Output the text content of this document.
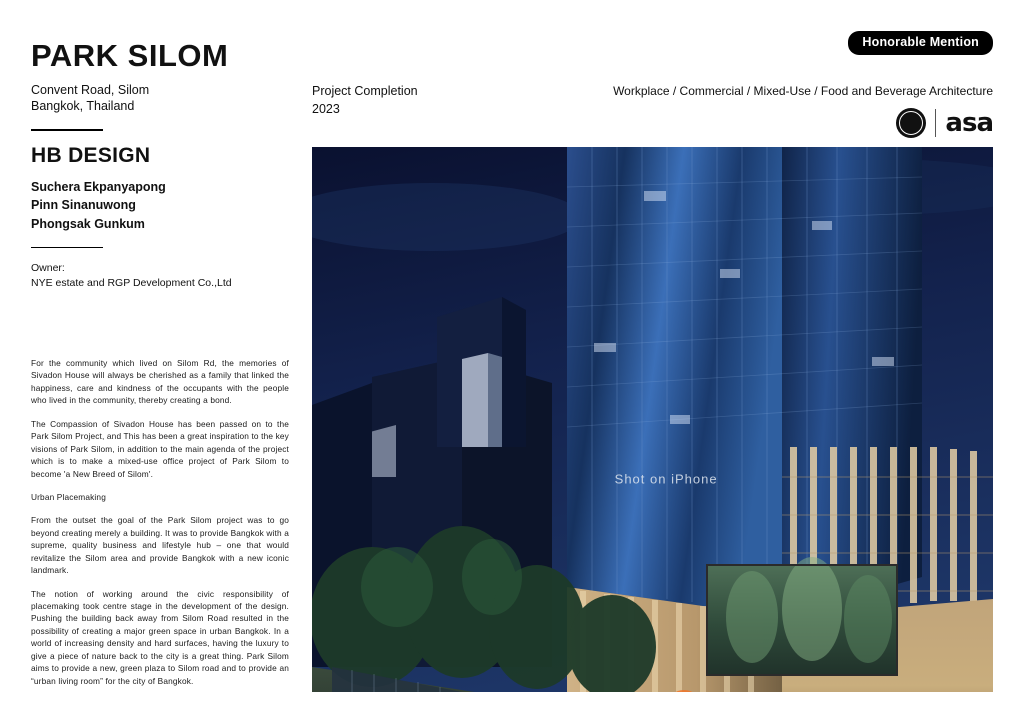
Honorable Mention
PARK SILOM
Convent Road, Silom
Bangkok, Thailand
HB DESIGN
Suchera Ekpanyapong
Pinn Sinanuwong
Phongsak Gunkum
Owner:
NYE estate and RGP Development Co.,Ltd

For the community which lived on Silom Rd, the memories of Sivadon House will always be cherished as a family that linked the happiness, care and kindness of the occupants with the people who lived in the community, thereby creating a bond.

The Compassion of Sivadon House has been passed on to the Park Silom Project, and This has been a great inspiration to the key visions of Park Silom, in addition to the main agenda of the project which is to make a mixed-use office project of Park Silom to become 'a New Breed of Silom'.

Urban Placemaking

From the outset the goal of the Park Silom project was to go beyond creating merely a building. It was to provide Bangkok with a supreme, quality business and lifestyle hub – one that would revitalize the Silom area and provide Bangkok with a new iconic landmark.

The notion of working around the civic responsibility of placemaking took centre stage in the development of the design. Pushing the building back away from Silom Road resulted in the possibility of creating a major green space in urban Bangkok. In a world of increasing density and hard surfaces, having the luxury to give a piece of nature back to the city is a great thing. Park Silom aims to provide a new, green plaza to Silom road and to provide an “urban living room” for the city of Bangkok.

Project Completion
2023
Workplace / Commercial / Mixed-Use / Food and Beverage Architecture
asa
Shot on iPhone
